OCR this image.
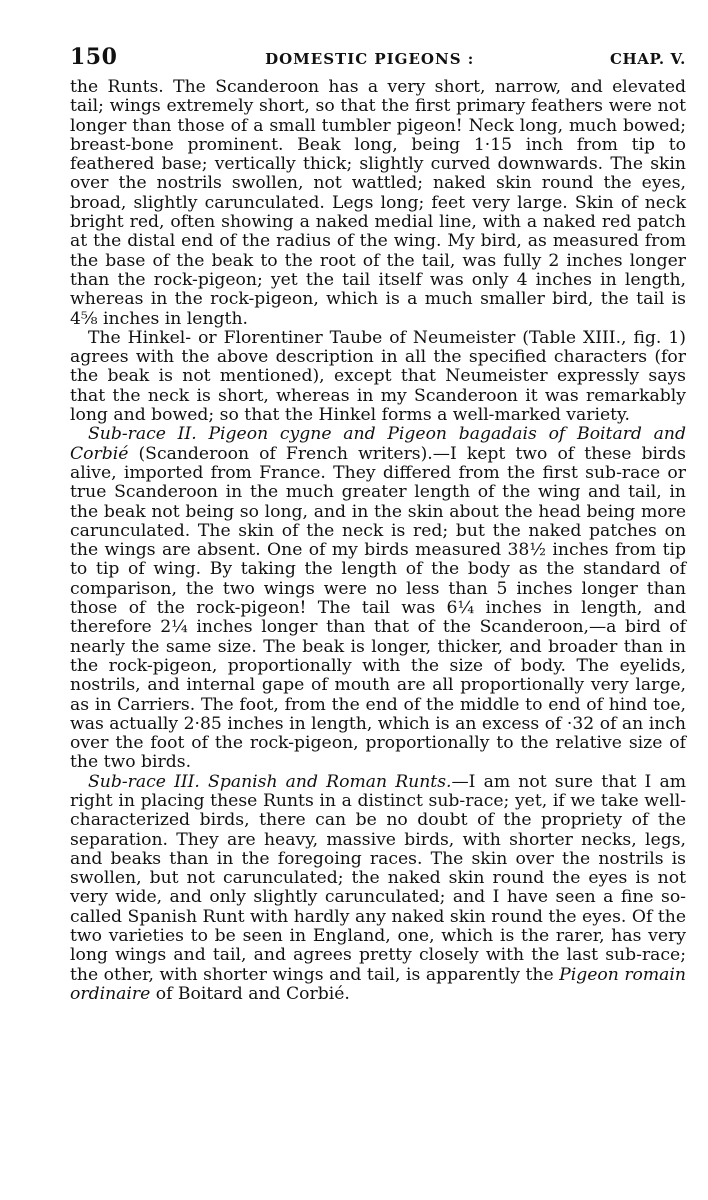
150	DOMESTIC PIGEONS :	CHAP. V.

the Runts. The Scanderoon has a very short, narrow, and elevated tail; wings extremely short, so that the first primary feathers were not longer than those of a small tumbler pigeon! Neck long, much bowed; breast-bone prominent. Beak long, being 1·15 inch from tip to feathered base; vertically thick; slightly curved downwards. The skin over the nostrils swollen, not wattled; naked skin round the eyes, broad, slightly carunculated. Legs long; feet very large. Skin of neck bright red, often showing a naked medial line, with a naked red patch at the distal end of the radius of the wing. My bird, as measured from the base of the beak to the root of the tail, was fully 2 inches longer than the rock-pigeon; yet the tail itself was only 4 inches in length, whereas in the rock-pigeon, which is a much smaller bird, the tail is 4⅝ inches in length.

The Hinkel- or Florentiner Taube of Neumeister (Table XIII., fig. 1) agrees with the above description in all the specified characters (for the beak is not mentioned), except that Neumeister expressly says that the neck is short, whereas in my Scanderoon it was remarkably long and bowed; so that the Hinkel forms a well-marked variety.

Sub-race II. Pigeon cygne and Pigeon bagadais of Boitard and Corbié (Scanderoon of French writers).—I kept two of these birds alive, imported from France. They differed from the first sub-race or true Scanderoon in the much greater length of the wing and tail, in the beak not being so long, and in the skin about the head being more carunculated. The skin of the neck is red; but the naked patches on the wings are absent. One of my birds measured 38½ inches from tip to tip of wing. By taking the length of the body as the standard of comparison, the two wings were no less than 5 inches longer than those of the rock-pigeon! The tail was 6¼ inches in length, and therefore 2¼ inches longer than that of the Scanderoon,—a bird of nearly the same size. The beak is longer, thicker, and broader than in the rock-pigeon, proportionally with the size of body. The eyelids, nostrils, and internal gape of mouth are all proportionally very large, as in Carriers. The foot, from the end of the middle to end of hind toe, was actually 2·85 inches in length, which is an excess of ·32 of an inch over the foot of the rock-pigeon, proportionally to the relative size of the two birds.

Sub-race III. Spanish and Roman Runts.—I am not sure that I am right in placing these Runts in a distinct sub-race; yet, if we take well-characterized birds, there can be no doubt of the propriety of the separation. They are heavy, massive birds, with shorter necks, legs, and beaks than in the foregoing races. The skin over the nostrils is swollen, but not carunculated; the naked skin round the eyes is not very wide, and only slightly carunculated; and I have seen a fine so-called Spanish Runt with hardly any naked skin round the eyes. Of the two varieties to be seen in England, one, which is the rarer, has very long wings and tail, and agrees pretty closely with the last sub-race; the other, with shorter wings and tail, is apparently the Pigeon romain ordinaire of Boitard and Corbié.
